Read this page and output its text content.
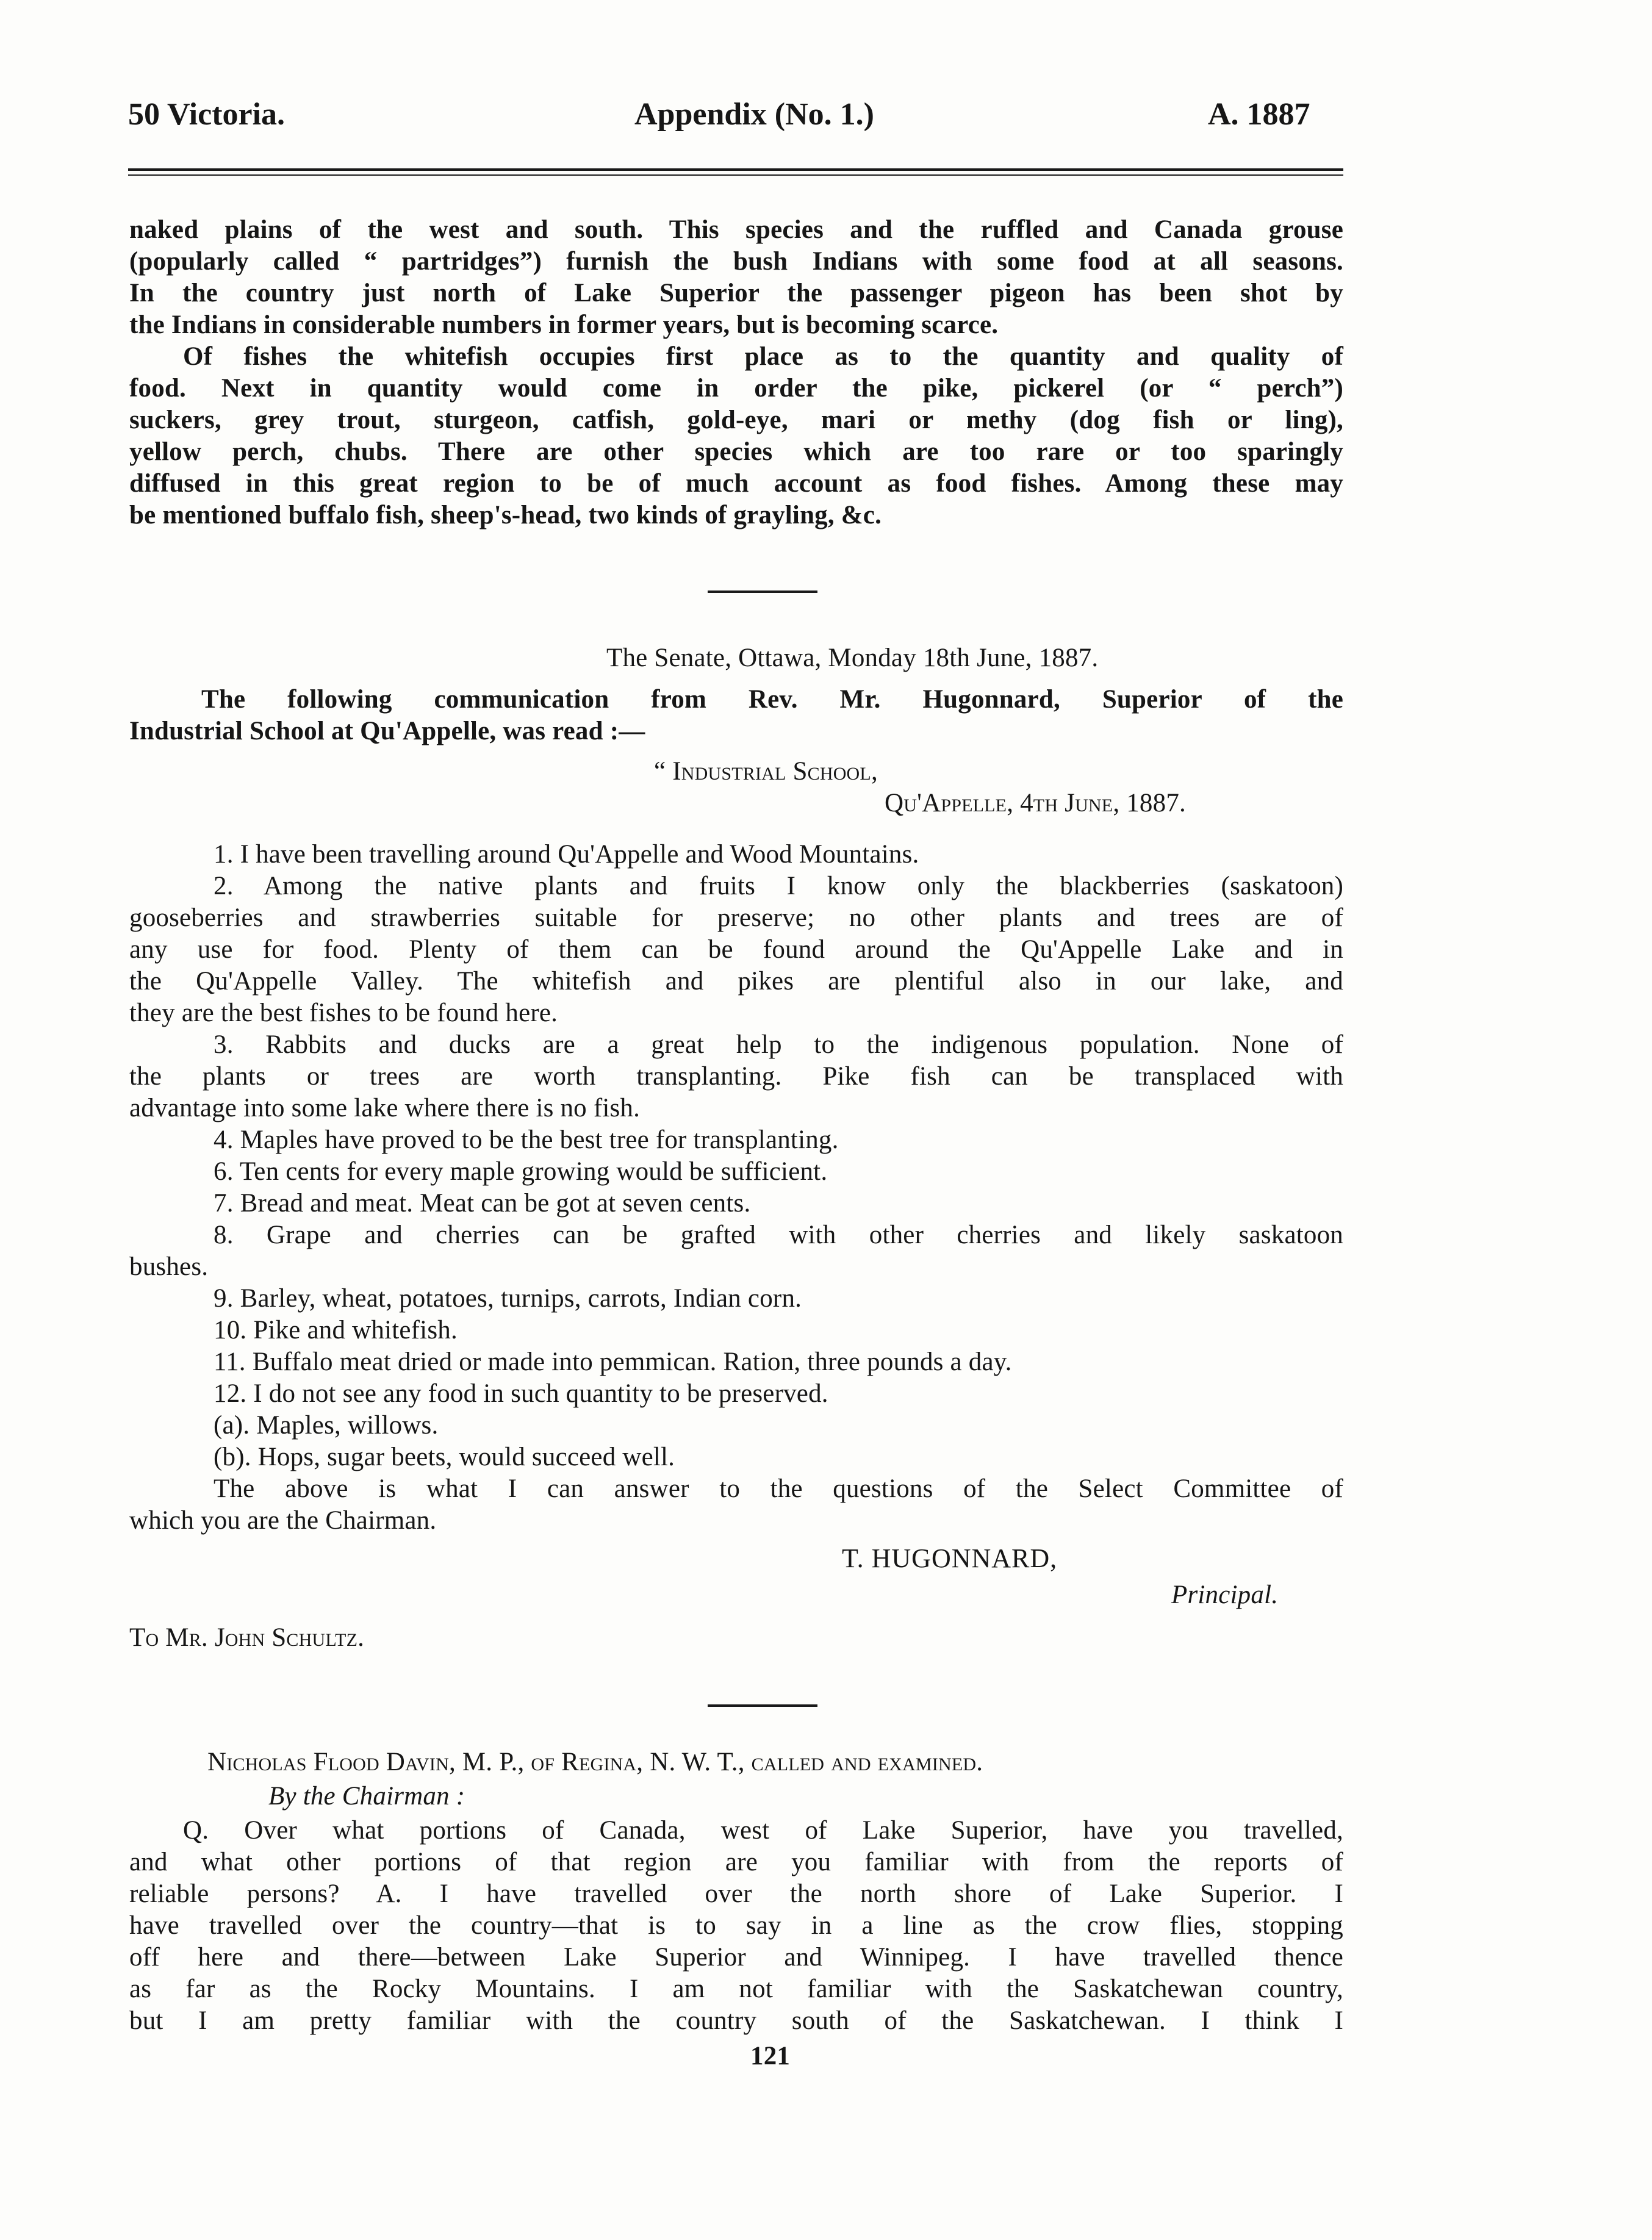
50 Victoria.	Appendix (No. 1.)	A. 1887
naked plains of the west and south. This species and the ruffled and Canada grouse
(popularly called “ partridges”) furnish the bush Indians with some food at all seasons.
In the country just north of Lake Superior the passenger pigeon has been shot by
the Indians in considerable numbers in former years, but is becoming scarce.
Of fishes the whitefish occupies first place as to the quantity and quality of
food. Next in quantity would come in order the pike, pickerel (or “ perch”)
suckers, grey trout, sturgeon, catfish, gold-eye, mari or methy (dog fish or ling),
yellow perch, chubs. There are other species which are too rare or too sparingly
diffused in this great region to be of much account as food fishes. Among these may
be mentioned buffalo fish, sheep's-head, two kinds of grayling, &c.
The Senate, Ottawa, Monday 18th June, 1887.
The following communication from Rev. Mr. Hugonnard, Superior of the
Industrial School at Qu'Appelle, was read :—
“ Industrial School,
Qu'Appelle, 4th June, 1887.
1. I have been travelling around Qu'Appelle and Wood Mountains.
2. Among the native plants and fruits I know only the blackberries (saskatoon)
gooseberries and strawberries suitable for preserve; no other plants and trees are of
any use for food. Plenty of them can be found around the Qu'Appelle Lake and in
the Qu'Appelle Valley. The whitefish and pikes are plentiful also in our lake, and
they are the best fishes to be found here.
3. Rabbits and ducks are a great help to the indigenous population. None of
the plants or trees are worth transplanting. Pike fish can be transplaced with
advantage into some lake where there is no fish.
4. Maples have proved to be the best tree for transplanting.
6. Ten cents for every maple growing would be sufficient.
7. Bread and meat. Meat can be got at seven cents.
8. Grape and cherries can be grafted with other cherries and likely saskatoon
bushes.
9. Barley, wheat, potatoes, turnips, carrots, Indian corn.
10. Pike and whitefish.
11. Buffalo meat dried or made into pemmican. Ration, three pounds a day.
12. I do not see any food in such quantity to be preserved.
(a). Maples, willows.
(b). Hops, sugar beets, would succeed well.
The above is what I can answer to the questions of the Select Committee of
which you are the Chairman.
T. HUGONNARD,
Principal.
To Mr. John Schultz.
Nicholas Flood Davin, M. P., of Regina, N. W. T., called and examined.
By the Chairman :
Q. Over what portions of Canada, west of Lake Superior, have you travelled,
and what other portions of that region are you familiar with from the reports of
reliable persons? A. I have travelled over the north shore of Lake Superior. I
have travelled over the country—that is to say in a line as the crow flies, stopping
off here and there—between Lake Superior and Winnipeg. I have travelled thence
as far as the Rocky Mountains. I am not familiar with the Saskatchewan country,
but I am pretty familiar with the country south of the Saskatchewan. I think I
121
